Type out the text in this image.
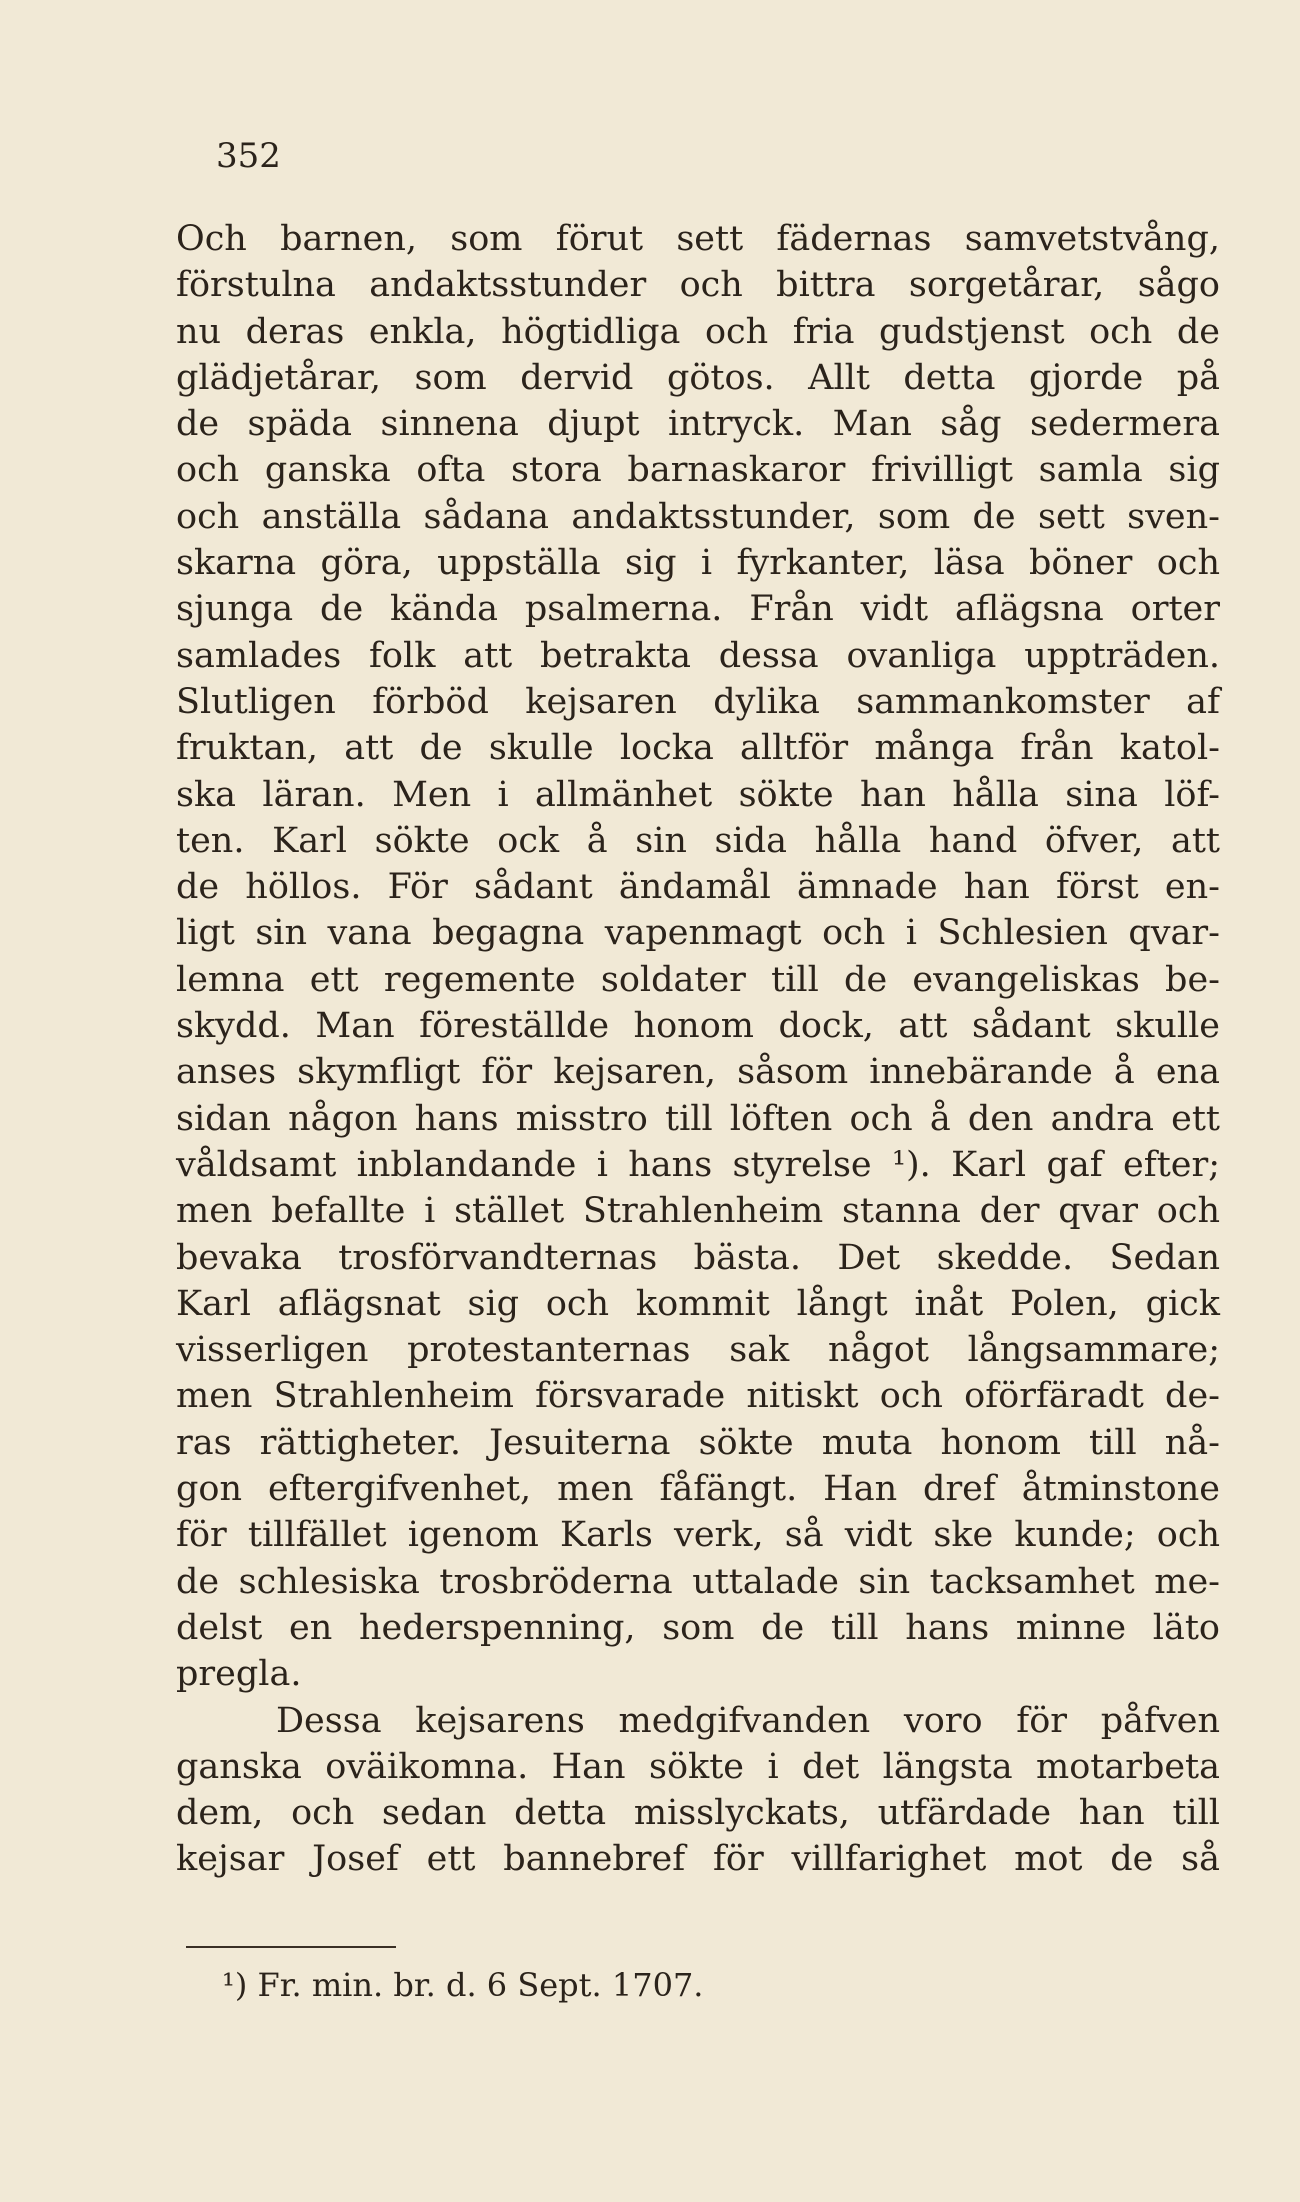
352
Och barnen, som förut sett fädernas samvetstvång,
förstulna andaktsstunder och bittra sorgetårar, sågo
nu deras enkla, högtidliga och fria gudstjenst och de
glädjetårar, som dervid götos. Allt detta gjorde på
de späda sinnena djupt intryck. Man såg sedermera
och ganska ofta stora barnaskaror frivilligt samla sig
och anställa sådana andaktsstunder, som de sett sven-
skarna göra, uppställa sig i fyrkanter, läsa böner och
sjunga de kända psalmerna. Från vidt aflägsna orter
samlades folk att betrakta dessa ovanliga uppträden.
Slutligen förböd kejsaren dylika sammankomster af
fruktan, att de skulle locka alltför många från katol-
ska läran. Men i allmänhet sökte han hålla sina löf-
ten. Karl sökte ock å sin sida hålla hand öfver, att
de höllos. För sådant ändamål ämnade han först en-
ligt sin vana begagna vapenmagt och i Schlesien qvar-
lemna ett regemente soldater till de evangeliskas be-
skydd. Man föreställde honom dock, att sådant skulle
anses skymfligt för kejsaren, såsom innebärande å ena
sidan någon hans misstro till löften och å den andra ett
våldsamt inblandande i hans styrelse ¹). Karl gaf efter;
men befallte i stället Strahlenheim stanna der qvar och
bevaka trosförvandternas bästa. Det skedde. Sedan
Karl aflägsnat sig och kommit långt inåt Polen, gick
visserligen protestanternas sak något långsammare;
men Strahlenheim försvarade nitiskt och oförfäradt de-
ras rättigheter. Jesuiterna sökte muta honom till nå-
gon eftergifvenhet, men fåfängt. Han dref åtminstone
för tillfället igenom Karls verk, så vidt ske kunde; och
de schlesiska trosbröderna uttalade sin tacksamhet me-
delst en hederspenning, som de till hans minne läto
pregla.
Dessa kejsarens medgifvanden voro för påfven
ganska oväikomna. Han sökte i det längsta motarbeta
dem, och sedan detta misslyckats, utfärdade han till
kejsar Josef ett bannebref för villfarighet mot de så
¹) Fr. min. br. d. 6 Sept. 1707.
